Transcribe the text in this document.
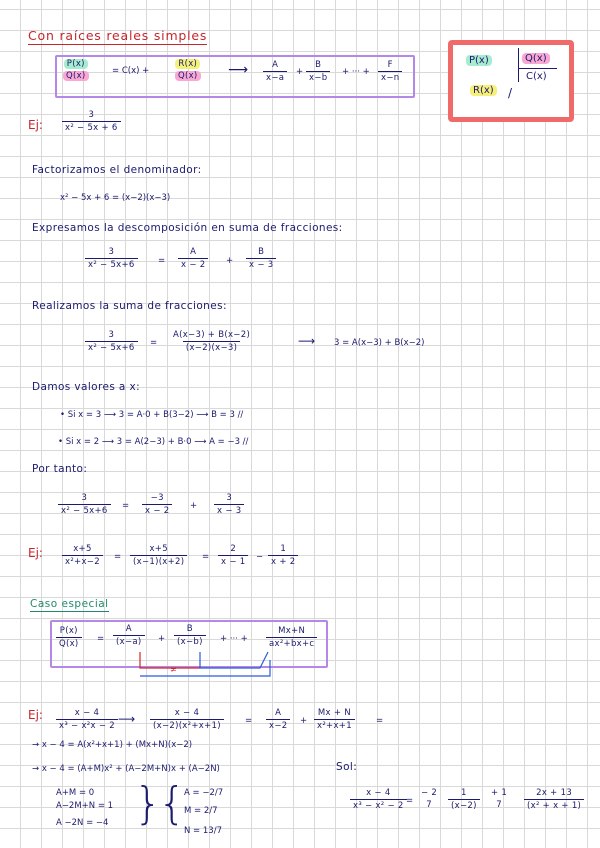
Con raíces reales simples
P(x)
Q(x)	= C(x) +
R(x)
Q(x)	⟶ $\frac{A}{x-a} + \frac{B}{x-b}$ + ··· + $\frac{F}{x-n}$	P(x)	Q(x)
C(x)
R(x) /
Ej: $\frac{3}{\text{x² − 5x + 6}}$
Factorizamos el denominador:
x² − 5x + 6 = (x−2)(x−3)
Expresamos la descomposición en suma de fracciones:
$\frac{3}{\text{x² − 5x+6}} = \frac{A}{x - 2} + \frac{B}{x - 3}$
Realizamos la suma de fracciones:
$\frac{3}{\text{x² − 5x+6}} = \frac{A(x-3) + B(x-2)}{(x-2)(x-3)}$	⟶ 3 = A(x−3) + B(x−2)
Damos valores a x:
• Si x = 3 ⟶ 3 = A·0 + B(3−2) ⟶ B = 3 //
• Si x = 2 ⟶ 3 = A(2−3) + B·0 ⟶ A = −3 //
Por tanto:
$\frac{3}{\text{x² − 5x+6}} = \frac{-3}{x - 2} + \frac{3}{x - 3}$
Ej: $\frac{x+5}{\text{x²+x−2}} = \frac{x+5}{(x-1)(x+2)} = \frac{2}{x - 1} - \frac{1}{x + 2}$
Caso especial
$\frac{P(x)}{Q(x)} = \frac{A}{(x-a)} + \frac{B}{(x-b)}$ + ··· + $\frac{Mx+N}{\text{ax²+bx+c}}$
≠
Ej: $\frac{x - 4}{\text{x³ − x²x − 2}}$ ⟶ $\frac{x - 4}{\text{(x−2)(x²+x+1)}} = \frac{A}{x-2} + \frac{Mx + N}{\text{x²+x+1}}$ =
→ x − 4 = A(x²+x+1) + (Mx+N)(x−2)
→ x − 4 = (A+M)x² + (A−2M+N)x + (A−2N)
A+M = 0
A−2M+N = 1
A −2N = −4 }
{
A = −2/7
M = 2/7
N = 13/7
Sol:
$\frac{x - 4}{\text{x³ − x² − 2}}$ =
− 2
7	$\frac{1}{(x-2)}$	+ 1
7	$\frac{2x + 13}{\text{(x² + x + 1)}}$
